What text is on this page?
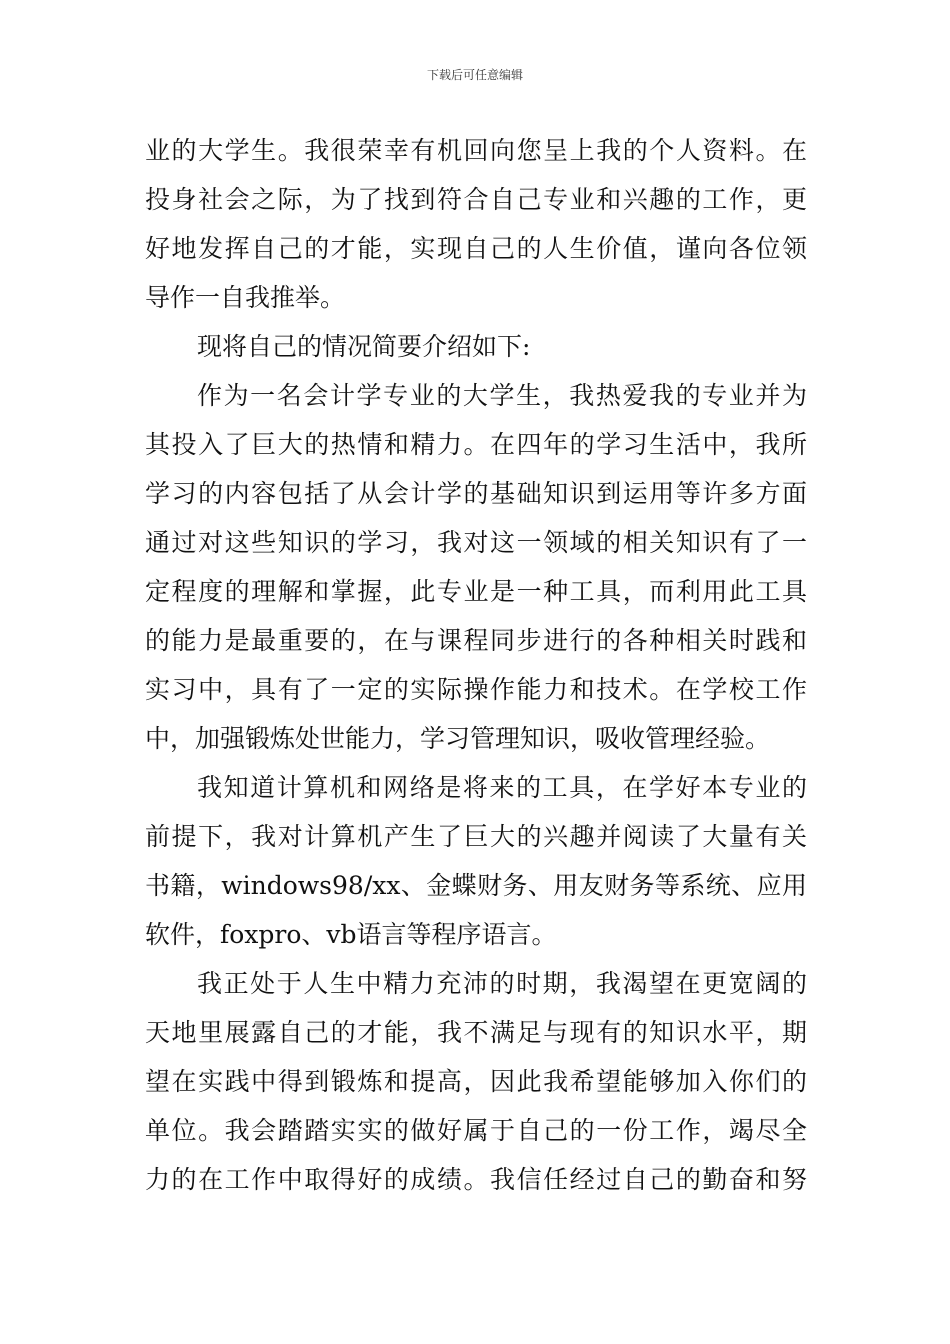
下载后可任意编辑
业的大学生。我很荣幸有机回向您呈上我的个人资料。在
投身社会之际，为了找到符合自己专业和兴趣的工作，更
好地发挥自己的才能，实现自己的人生价值，谨向各位领
导作一自我推举。
现将自己的情况简要介绍如下:
作为一名会计学专业的大学生，我热爱我的专业并为
其投入了巨大的热情和精力。在四年的学习生活中，我所
学习的内容包括了从会计学的基础知识到运用等许多方面
通过对这些知识的学习，我对这一领域的相关知识有了一
定程度的理解和掌握，此专业是一种工具，而利用此工具
的能力是最重要的，在与课程同步进行的各种相关时践和
实习中，具有了一定的实际操作能力和技术。在学校工作
中，加强锻炼处世能力，学习管理知识，吸收管理经验。
我知道计算机和网络是将来的工具，在学好本专业的
前提下，我对计算机产生了巨大的兴趣并阅读了大量有关
书籍，windows98/xx、金蝶财务、用友财务等系统、应用
软件，foxpro、vb语言等程序语言。
我正处于人生中精力充沛的时期，我渴望在更宽阔的
天地里展露自己的才能，我不满足与现有的知识水平，期
望在实践中得到锻炼和提高，因此我希望能够加入你们的
单位。我会踏踏实实的做好属于自己的一份工作，竭尽全
力的在工作中取得好的成绩。我信任经过自己的勤奋和努
